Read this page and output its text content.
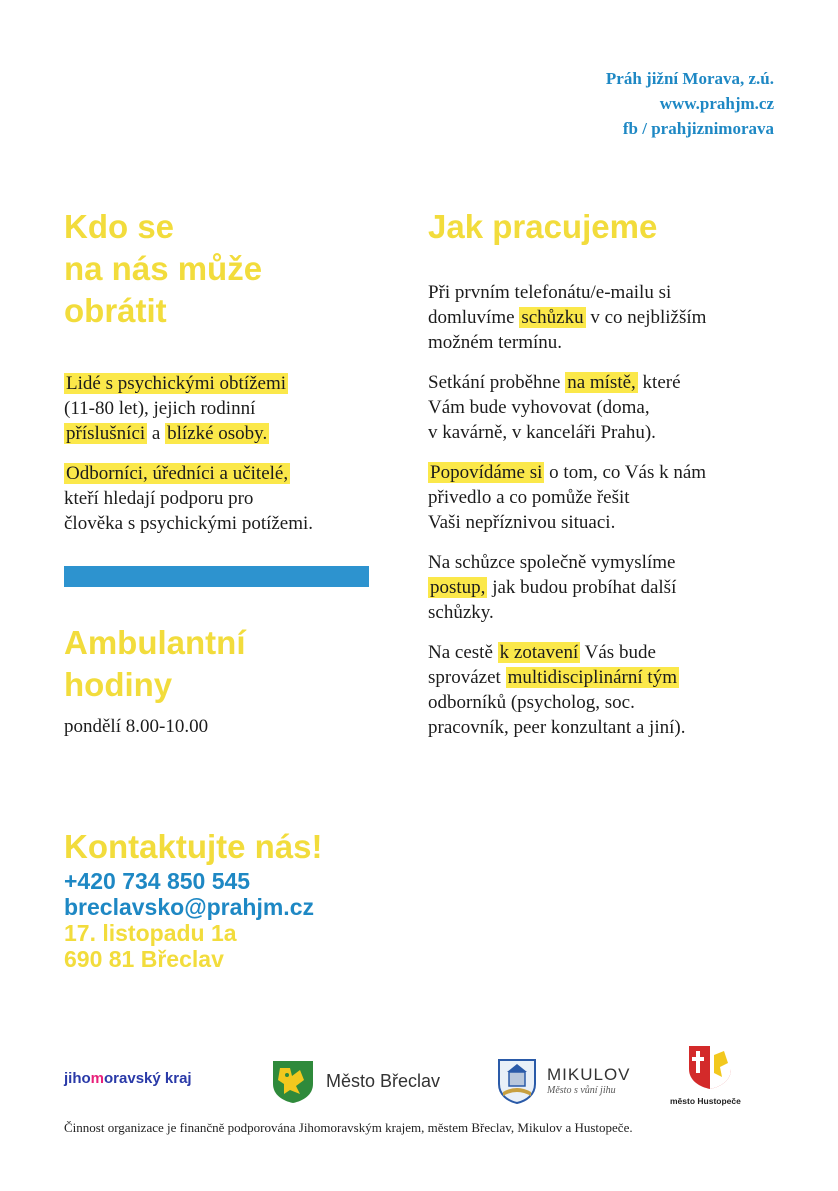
Práh jižní Morava, z.ú.
www.prahjm.cz
fb / prahjiznimorava
Kdo se
na nás může
obrátit
Jak pracujeme

Lidé s psychickými obtížemi
(11-80 let), jejich rodinní
příslušníci a blízké osoby.

Odborníci, úředníci a učitelé,
kteří hledají podporu pro
člověka s psychickými potížemi.

Při prvním telefonátu/e-mailu si
domluvíme schůzku v co nejbližším
možném termínu.

Setkání proběhne na místě, které
Vám bude vyhovovat (doma,
v kavárně, v kanceláři Prahu).

Popovídáme si o tom, co Vás k nám
přivedlo a co pomůže řešit
Vaši nepříznivou situaci.

Na schůzce společně vymyslíme
postup, jak budou probíhat další
schůzky.

Na cestě k zotavení Vás bude
sprovázet multidisciplinární tým
odborníků (psycholog, soc.
pracovník, peer konzultant a jiní).

Ambulantní
hodiny
pondělí 8.00-10.00
Kontaktujte nás!
+420 734 850 545
breclavsko@prahjm.cz
17. listopadu 1a
690 81 Břeclav
jihomoravský kraj	Město Břeclav	MIKULOV
Město s vůní jihu
město Hustopeče
Činnost organizace je finančně podporována Jihomoravským krajem, městem Břeclav, Mikulov a Hustopeče.
